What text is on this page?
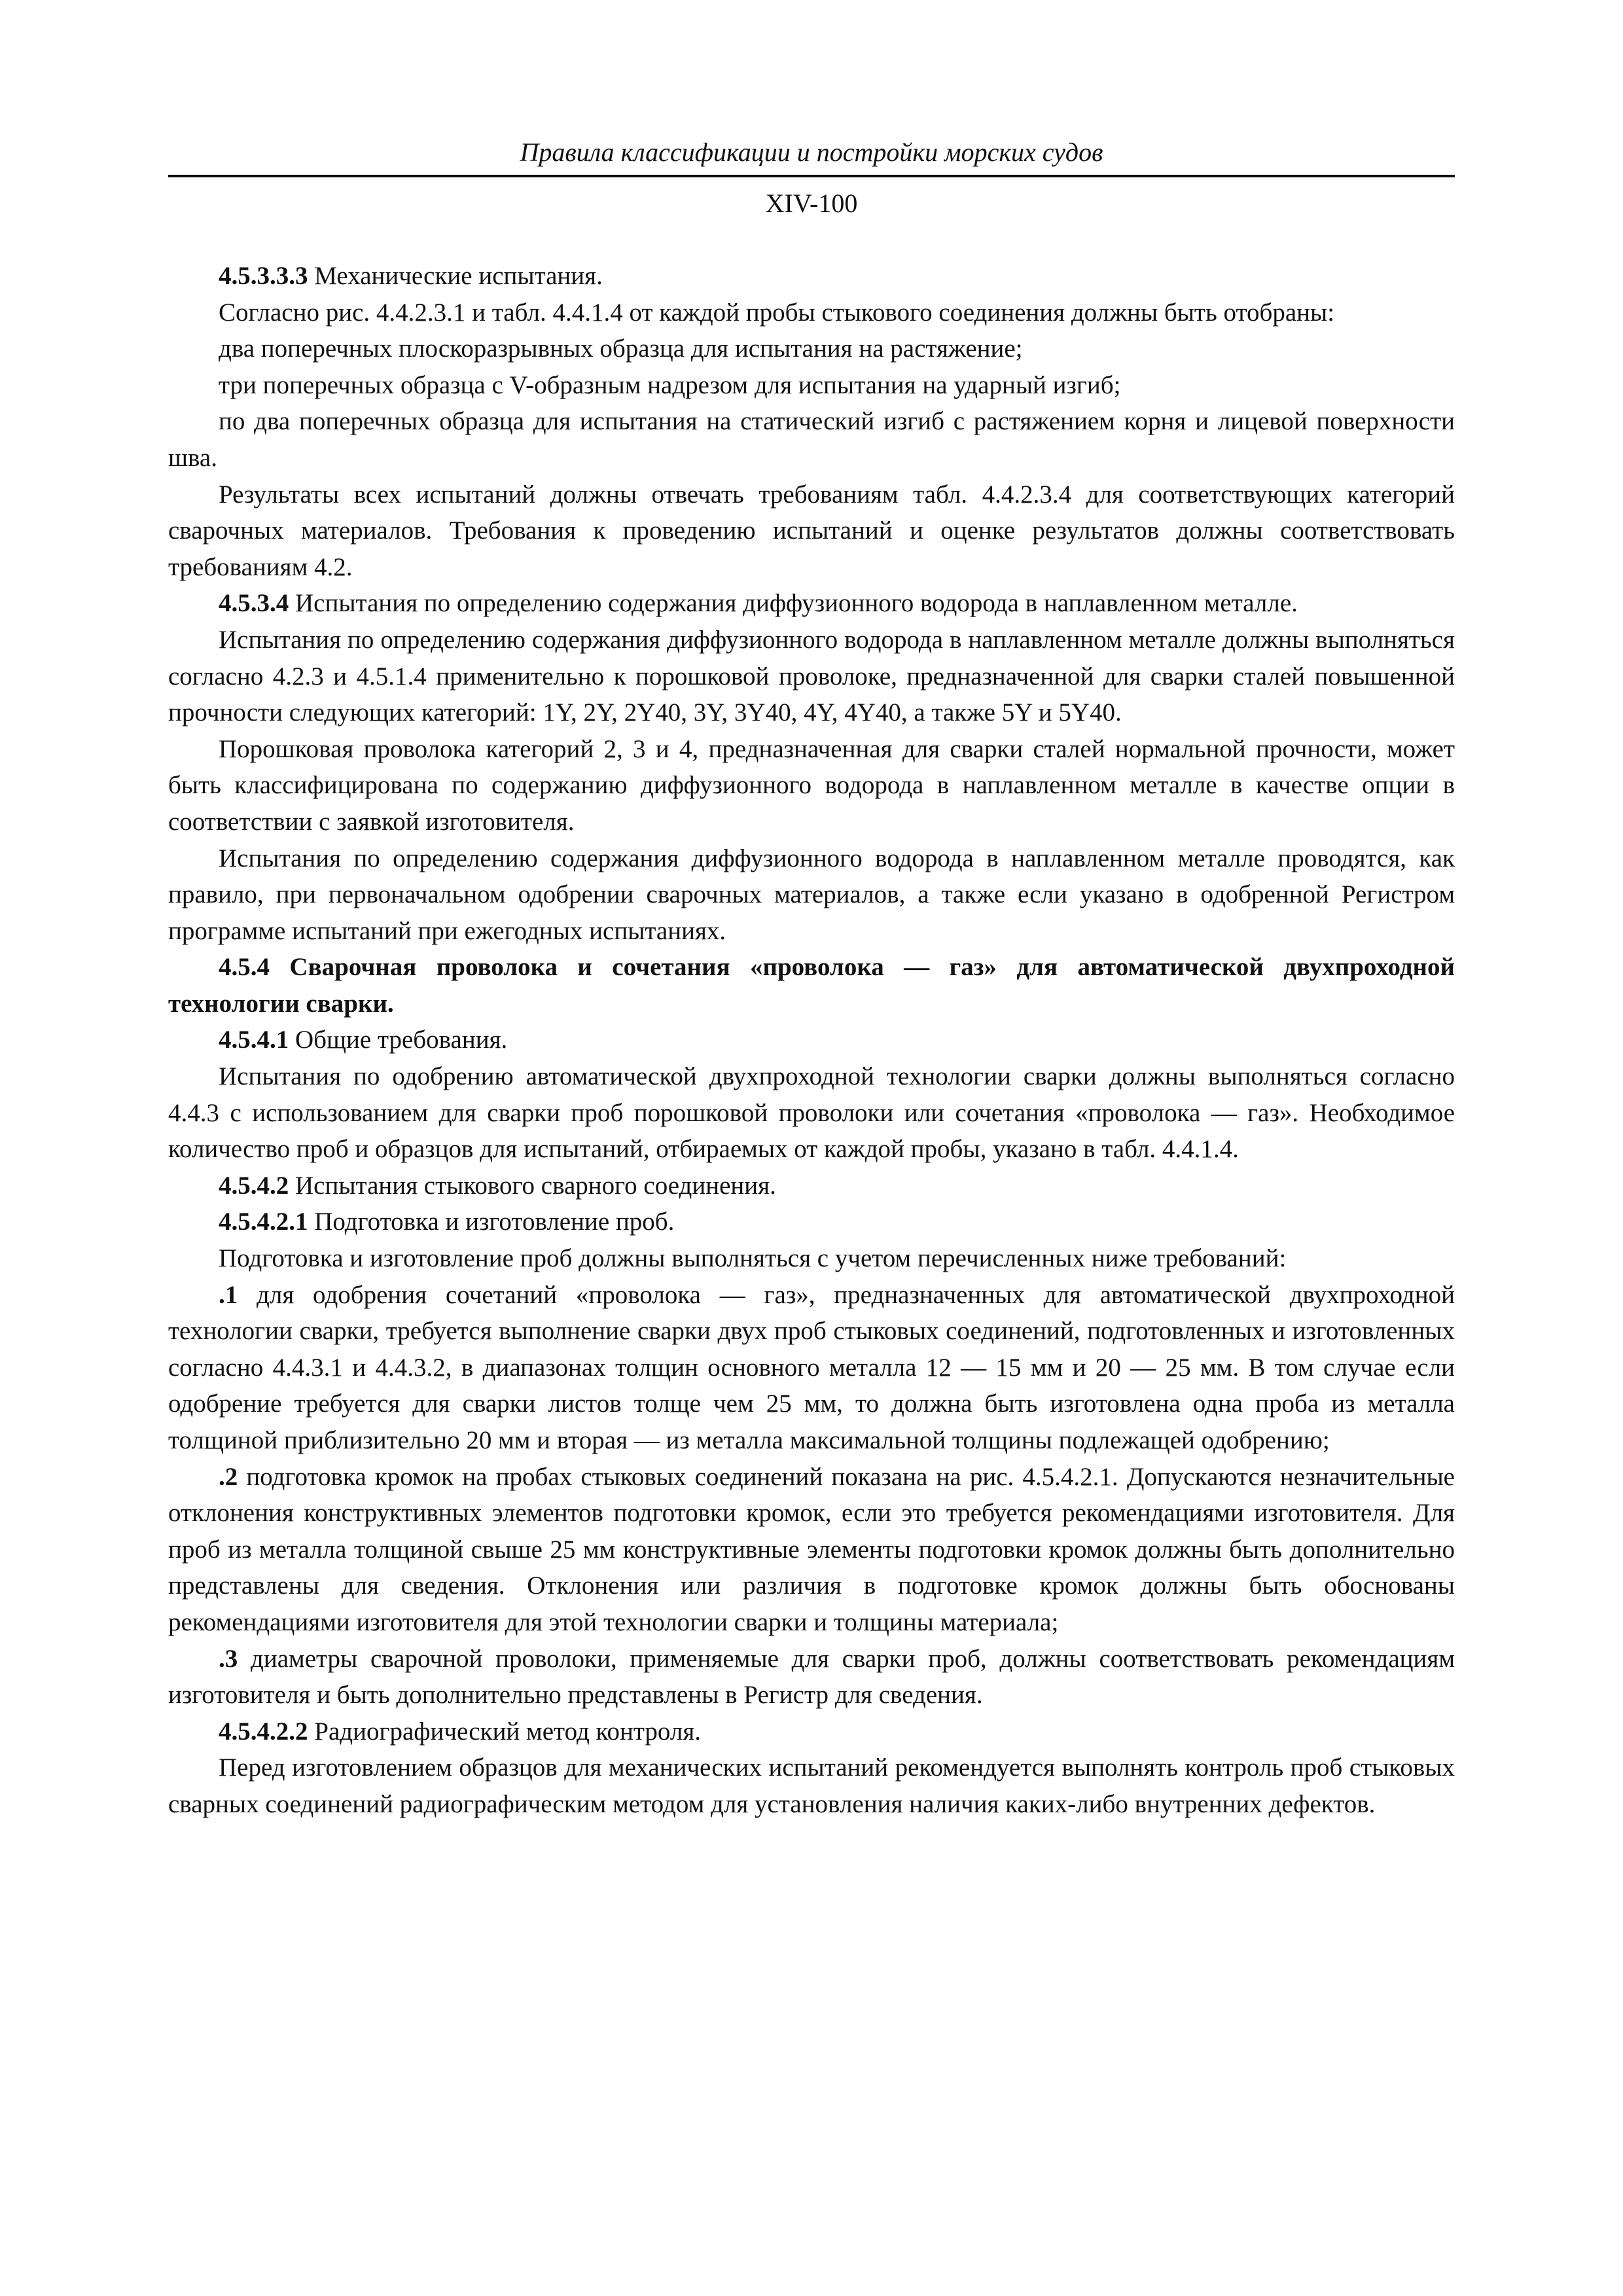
Правила классификации и постройки морских судов
XIV-100

4.5.3.3.3 Механические испытания.

Согласно рис. 4.4.2.3.1 и табл. 4.4.1.4 от каждой пробы стыкового соединения должны быть отобраны:

два поперечных плоскоразрывных образца для испытания на растяжение;

три поперечных образца с V-образным надрезом для испытания на ударный изгиб;

по два поперечных образца для испытания на статический изгиб с растяжением корня и лицевой поверхности шва.

Результаты всех испытаний должны отвечать требованиям табл. 4.4.2.3.4 для соответствующих категорий сварочных материалов. Требования к проведению испытаний и оценке результатов должны соответствовать требованиям 4.2.

4.5.3.4 Испытания по определению содержания диффузионного водорода в наплавленном металле.

Испытания по определению содержания диффузионного водорода в наплавленном металле должны выполняться согласно 4.2.3 и 4.5.1.4 применительно к порошковой проволоке, предназначенной для сварки сталей повышенной прочности следующих категорий: 1Y, 2Y, 2Y40, 3Y, 3Y40, 4Y, 4Y40, а также 5Y и 5Y40.

Порошковая проволока категорий 2, 3 и 4, предназначенная для сварки сталей нормальной прочности, может быть классифицирована по содержанию диффузионного водорода в наплавленном металле в качестве опции в соответствии с заявкой изготовителя.

Испытания по определению содержания диффузионного водорода в наплавленном металле проводятся, как правило, при первоначальном одобрении сварочных материалов, а также если указано в одобренной Регистром программе испытаний при ежегодных испытаниях.

4.5.4 Сварочная проволока и сочетания «проволока — газ» для автоматической двухпроходной технологии сварки.

4.5.4.1 Общие требования.

Испытания по одобрению автоматической двухпроходной технологии сварки должны выполняться согласно 4.4.3 с использованием для сварки проб порошковой проволоки или сочетания «проволока — газ». Необходимое количество проб и образцов для испытаний, отбираемых от каждой пробы, указано в табл. 4.4.1.4.

4.5.4.2 Испытания стыкового сварного соединения.

4.5.4.2.1 Подготовка и изготовление проб.

Подготовка и изготовление проб должны выполняться с учетом перечисленных ниже требований:

.1 для одобрения сочетаний «проволока — газ», предназначенных для автоматической двухпроходной технологии сварки, требуется выполнение сварки двух проб стыковых соединений, подготовленных и изготовленных согласно 4.4.3.1 и 4.4.3.2, в диапазонах толщин основного металла 12 — 15 мм и 20 — 25 мм. В том случае если одобрение требуется для сварки листов толще чем 25 мм, то должна быть изготовлена одна проба из металла толщиной приблизительно 20 мм и вторая — из металла максимальной толщины подлежащей одобрению;

.2 подготовка кромок на пробах стыковых соединений показана на рис. 4.5.4.2.1. Допускаются незначительные отклонения конструктивных элементов подготовки кромок, если это требуется рекомендациями изготовителя. Для проб из металла толщиной свыше 25 мм конструктивные элементы подготовки кромок должны быть дополнительно представлены для сведения. Отклонения или различия в подготовке кромок должны быть обоснованы рекомендациями изготовителя для этой технологии сварки и толщины материала;

.3 диаметры сварочной проволоки, применяемые для сварки проб, должны соответствовать рекомендациям изготовителя и быть дополнительно представлены в Регистр для сведения.

4.5.4.2.2 Радиографический метод контроля.

Перед изготовлением образцов для механических испытаний рекомендуется выполнять контроль проб стыковых сварных соединений радиографическим методом для установления наличия каких-либо внутренних дефектов.
